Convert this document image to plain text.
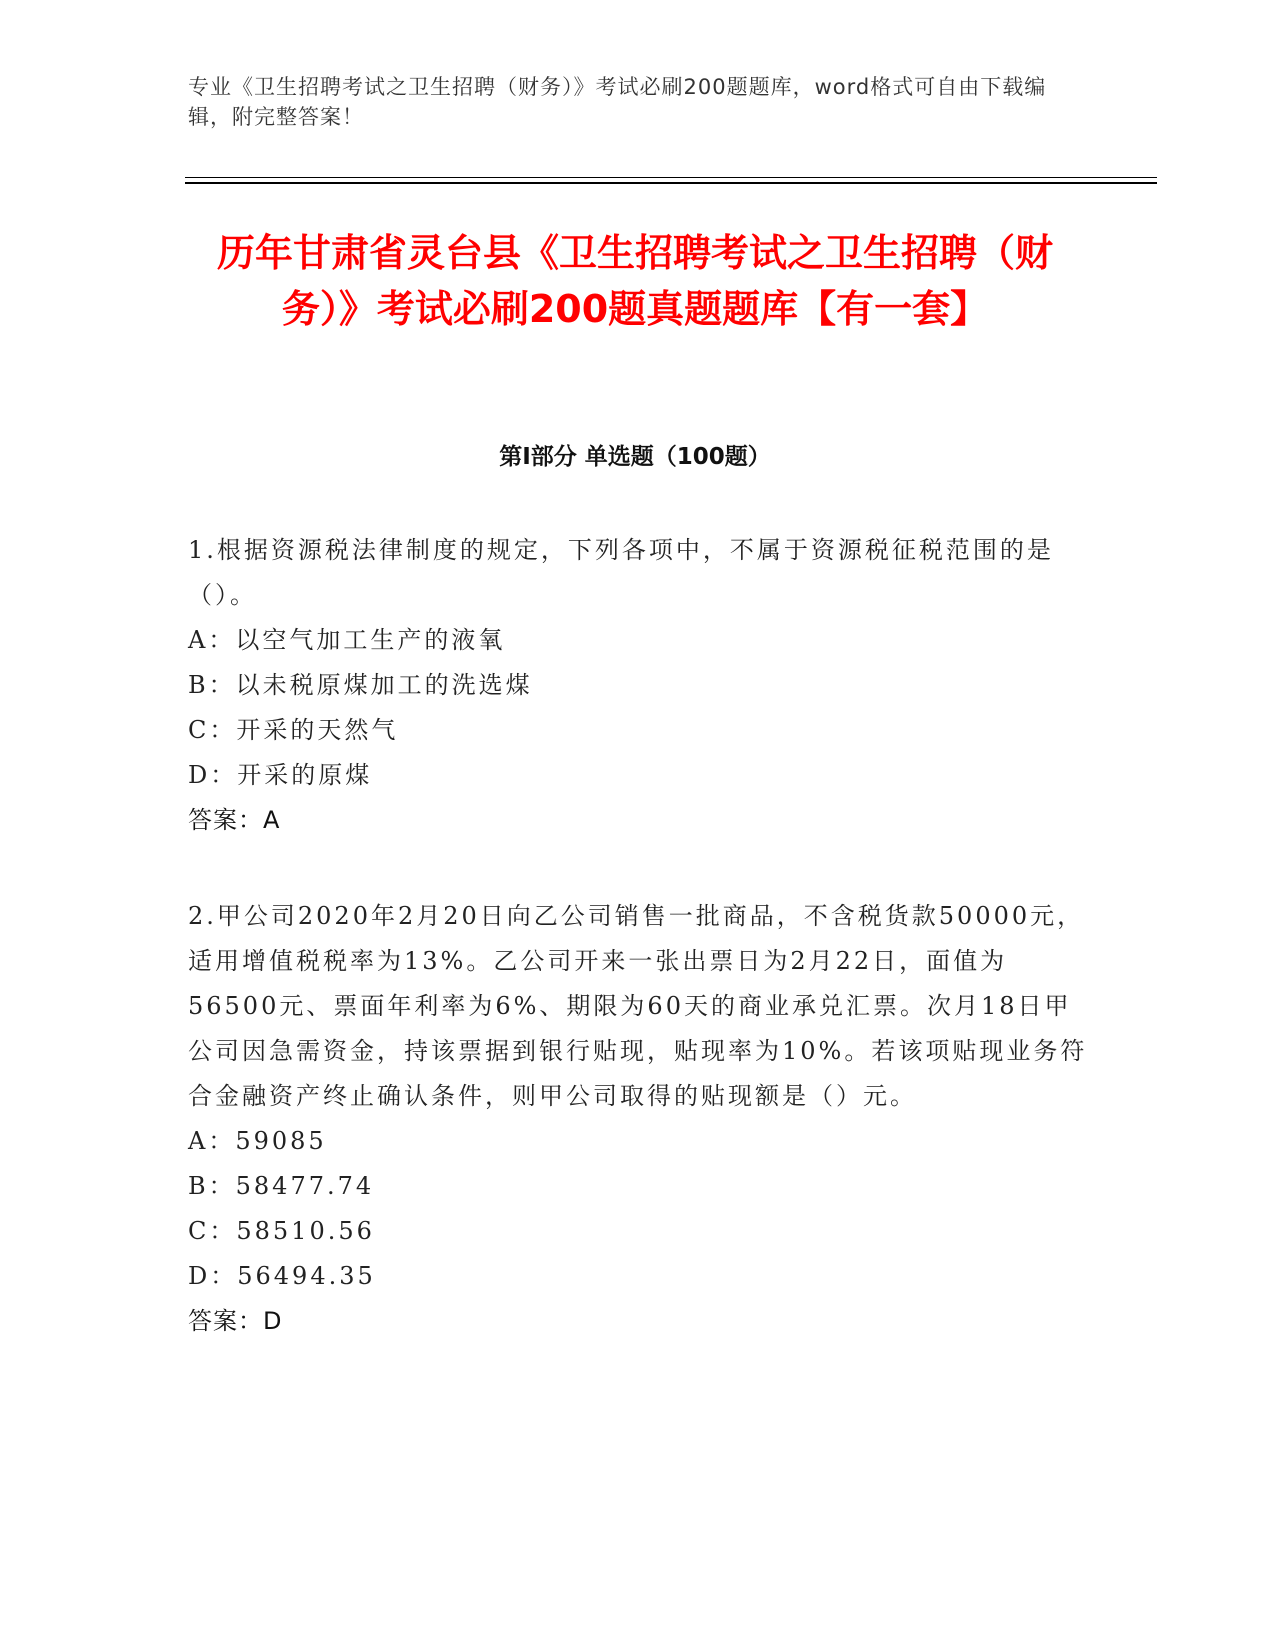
专业《卫生招聘考试之卫生招聘（财务）》考试必刷200题题库，word格式可自由下载编辑，附完整答案！
历年甘肃省灵台县《卫生招聘考试之卫生招聘（财务）》考试必刷200题真题题库【有一套】
第I部分 单选题（100题）

1.根据资源税法律制度的规定，下列各项中，不属于资源税征税范围的是（）。

A：以空气加工生产的液氧

B：以未税原煤加工的洗选煤

C：开采的天然气

D：开采的原煤

答案：A

2.甲公司2020年2月20日向乙公司销售一批商品，不含税货款50000元，适用增值税税率为13%。乙公司开来一张出票日为2月22日，面值为56500元、票面年利率为6%、期限为60天的商业承兑汇票。次月18日甲公司因急需资金，持该票据到银行贴现，贴现率为10%。若该项贴现业务符合金融资产终止确认条件，则甲公司取得的贴现额是（）元。

A：59085

B：58477.74

C：58510.56

D：56494.35

答案：D
